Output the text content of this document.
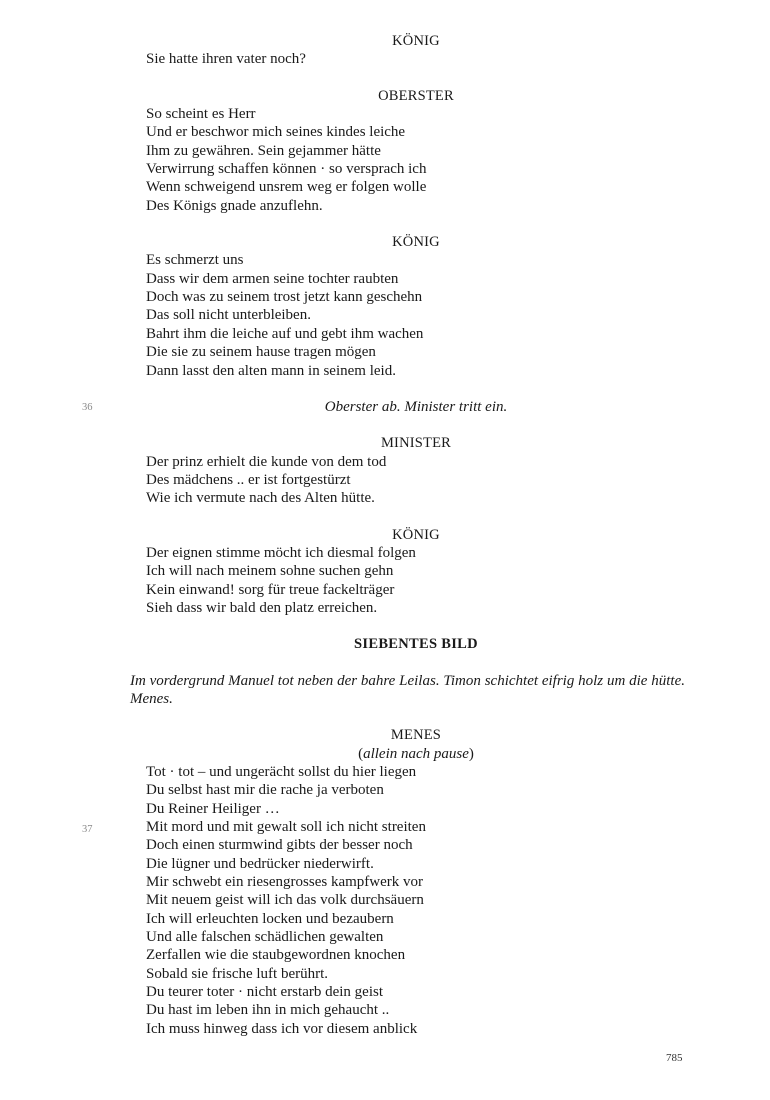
KÖNIG
Sie hatte ihren vater noch?
OBERSTER
So scheint es Herr
Und er beschwor mich seines kindes leiche
Ihm zu gewähren. Sein gejammer hätte
Verwirrung schaffen können · so versprach ich
Wenn schweigend unsrem weg er folgen wolle
Des Königs gnade anzuflehn.
KÖNIG
Es schmerzt uns
Dass wir dem armen seine tochter raubten
Doch was zu seinem trost jetzt kann geschehn
Das soll nicht unterbleiben.
Bahrt ihm die leiche auf und gebt ihm wachen
Die sie zu seinem hause tragen mögen
Dann lasst den alten mann in seinem leid.
Oberster ab. Minister tritt ein.
MINISTER
Der prinz erhielt die kunde von dem tod
Des mädchens .. er ist fortgestürzt
Wie ich vermute nach des Alten hütte.
KÖNIG
Der eignen stimme möcht ich diesmal folgen
Ich will nach meinem sohne suchen gehn
Kein einwand! sorg für treue fackelträger
Sieh dass wir bald den platz erreichen.
SIEBENTES BILD
Im vordergrund Manuel tot neben der bahre Leilas. Timon schichtet eifrig holz um die hütte. Menes.
MENES
(allein nach pause)
Tot · tot – und ungerächt sollst du hier liegen
Du selbst hast mir die rache ja verboten
Du Reiner Heiliger …
Mit mord und mit gewalt soll ich nicht streiten
Doch einen sturmwind gibts der besser noch
Die lügner und bedrücker niederwirft.
Mir schwebt ein riesengrosses kampfwerk vor
Mit neuem geist will ich das volk durchsäuern
Ich will erleuchten locken und bezaubern
Und alle falschen schädlichen gewalten
Zerfallen wie die staubgewordnen knochen
Sobald sie frische luft berührt.
Du teurer toter · nicht erstarb dein geist
Du hast im leben ihn in mich gehaucht ..
Ich muss hinweg dass ich vor diesem anblick
36
37
785
